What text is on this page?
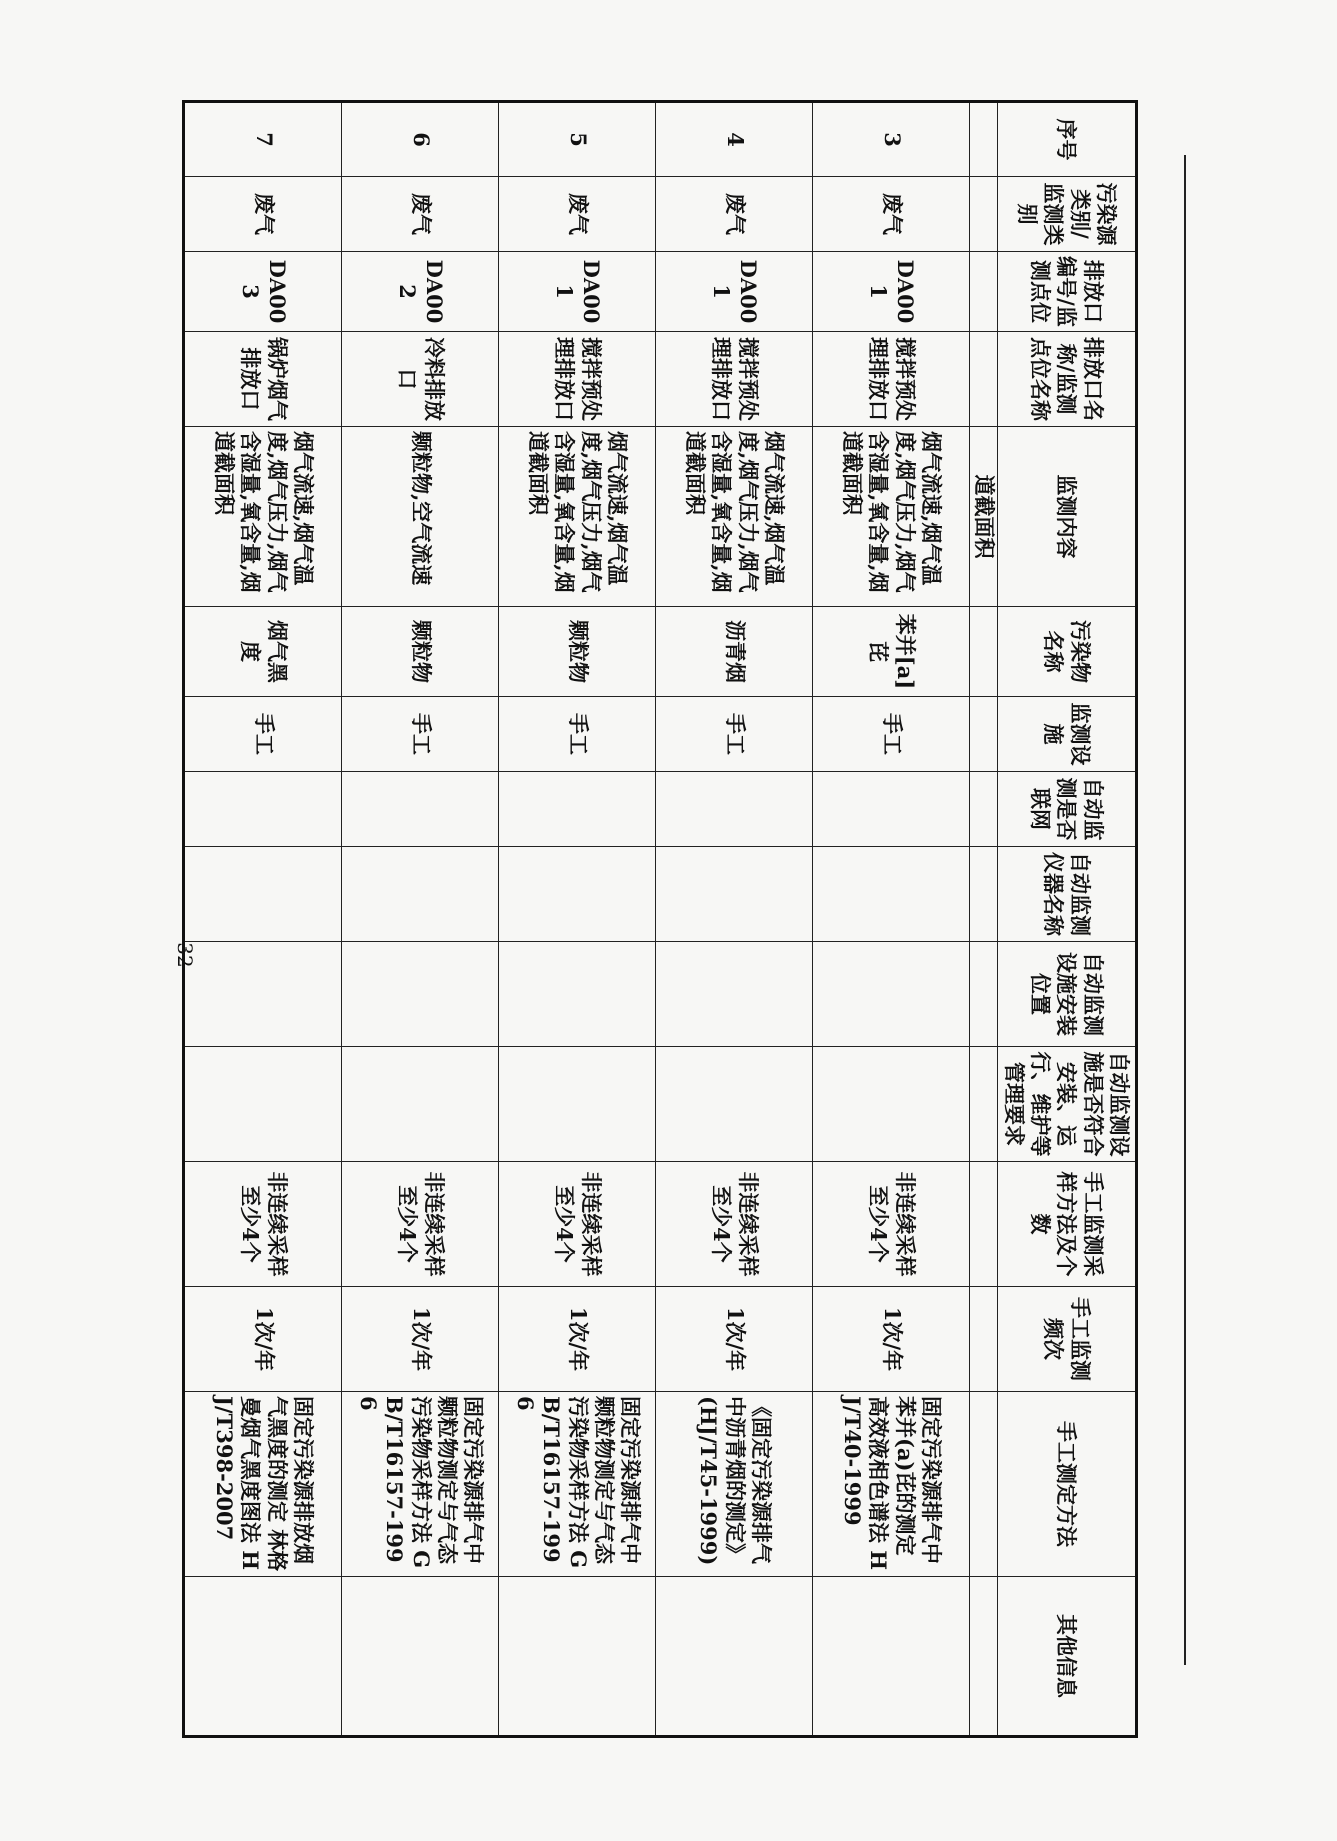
32
序号	污染源类别/监测类别	排放口编号/监测点位	排放口名称/监测点位名称	监测内容	污染物名称	监测设施	自动监测是否联网	自动监测仪器名称	自动监测设施安装位置	自动监测设施是否符合安装、运行、维护等管理要求	手工监测采样方法及个数	手工监测频次	手工测定方法	其他信息
				道截面积										
3	废气	DA001	搅拌预处理排放口	烟气流速,烟气温度,烟气压力,烟气含湿量,氧含量,烟道截面积	苯并[a]芘	手工					非连续采样 至少4个	1次/年	固定污染源排气中苯并(a)芘的测定 高效液相色谱法 HJ/T40-1999	
4	废气	DA001	搅拌预处理排放口	烟气流速,烟气温度,烟气压力,烟气含湿量,氧含量,烟道截面积	沥青烟	手工					非连续采样 至少4个	1次/年	《固定污染源排气中沥青烟的测定》(HJ/T45-1999)	
5	废气	DA001	搅拌预处理排放口	烟气流速,烟气温度,烟气压力,烟气含湿量,氧含量,烟道截面积	颗粒物	手工					非连续采样 至少4个	1次/年	固定污染源排气中颗粒物测定与气态污染物采样方法 GB/T16157-1996	
6	废气	DA002	冷料排放口	颗粒物,空气流速	颗粒物	手工					非连续采样 至少4个	1次/年	固定污染源排气中颗粒物测定与气态污染物采样方法 GB/T16157-1996	
7	废气	DA003	锅炉烟气排放口	烟气流速,烟气温度,烟气压力,烟气含湿量,氧含量,烟道截面积	烟气黑度	手工					非连续采样 至少4个	1次/年	固定污染源排放烟气黑度的测定 林格曼烟气黑度图法 HJ/T398-2007	
